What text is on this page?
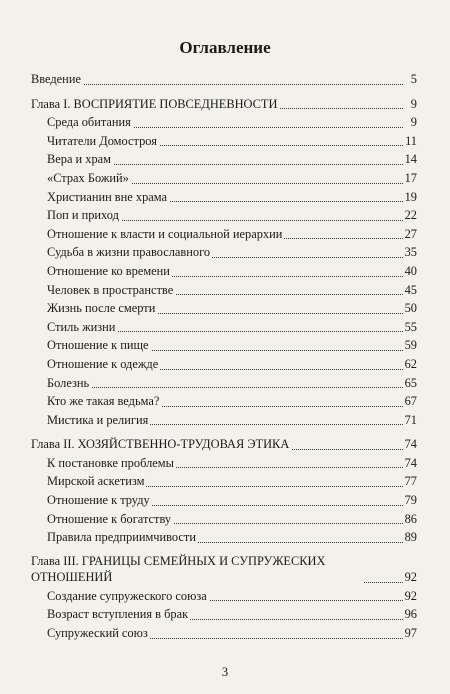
Оглавление
Введение	5
Глава I. ВОСПРИЯТИЕ ПОВСЕДНЕВНОСТИ	9
Среда обитания	9
Читатели Домостроя	11
Вера и храм	14
«Страх Божий»	17
Христианин вне храма	19
Поп и приход	22
Отношение к власти и социальной иерархии	27
Судьба в жизни православного	35
Отношение ко времени	40
Человек в пространстве	45
Жизнь после смерти	50
Стиль жизни	55
Отношение к пище	59
Отношение к одежде	62
Болезнь	65
Кто же такая ведьма?	67
Мистика и религия	71
Глава II. ХОЗЯЙСТВЕННО-ТРУДОВАЯ ЭТИКА	74
К постановке проблемы	74
Мирской аскетизм	77
Отношение к труду	79
Отношение к богатству	86
Правила предприимчивости	89
Глава III. ГРАНИЦЫ СЕМЕЙНЫХ И СУПРУЖЕСКИХ ОТНОШЕНИЙ	92
Создание супружеского союза	92
Возраст вступления в брак	96
Супружеский союз	97
3
